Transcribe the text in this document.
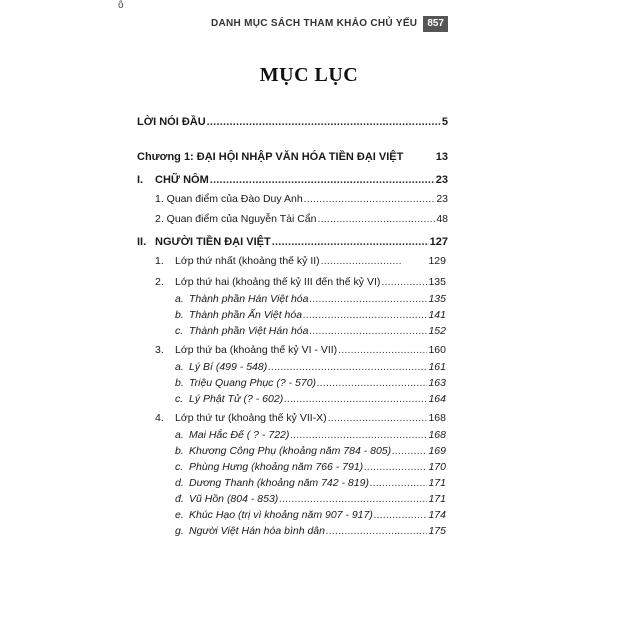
ỗ
DANH MỤC SÁCH THAM KHẢO CHỦ YẾU	857
MỤC LỤC
LỜI NÓI ĐẦU .....	5
Chương 1: ĐẠI HỘI NHẬP VĂN HÓA TIỀN ĐẠI VIỆT	13
I.	CHỮ NÔM .....	23
1. Quan điểm của Đào Duy Anh .....	23
2. Quan điểm của Nguyễn Tài Cẩn .....	48
II. NGƯỜI TIỀN ĐẠI VIỆT .....	127
1.	Lớp thứ nhất (khoảng thế kỷ II) .....	129
2.	Lớp thứ hai (khoảng thế kỷ III đến thế kỷ VI) .....	135
a. Thành phần Hán Việt hóa .....	135
b. Thành phần Ấn Việt hóa .....	141
c. Thành phần Việt Hán hóa .....	152
3.	Lớp thứ ba (khoảng thế kỷ VI - VII) .....	160
a. Lý Bí (499 - 548) .....	161
b. Triệu Quang Phục (? - 570) .....	163
c. Lý Phật Tử (? - 602) .....	164
4.	Lớp thứ tư (khoảng thế kỷ VII-X) .....	168
a. Mai Hắc Đế ( ? - 722) .....	168
b. Khương Công Phụ (khoảng năm 784 - 805) .....	169
c. Phùng Hưng (khoảng năm 766 - 791) .....	170
d. Dương Thanh (khoảng năm 742 - 819) .....	171
đ. Vũ Hồn (804 - 853) .....	171
e. Khúc Hạo (trị vì khoảng năm 907 - 917) .....	174
g. Người Việt Hán hóa bình dân .....	175
